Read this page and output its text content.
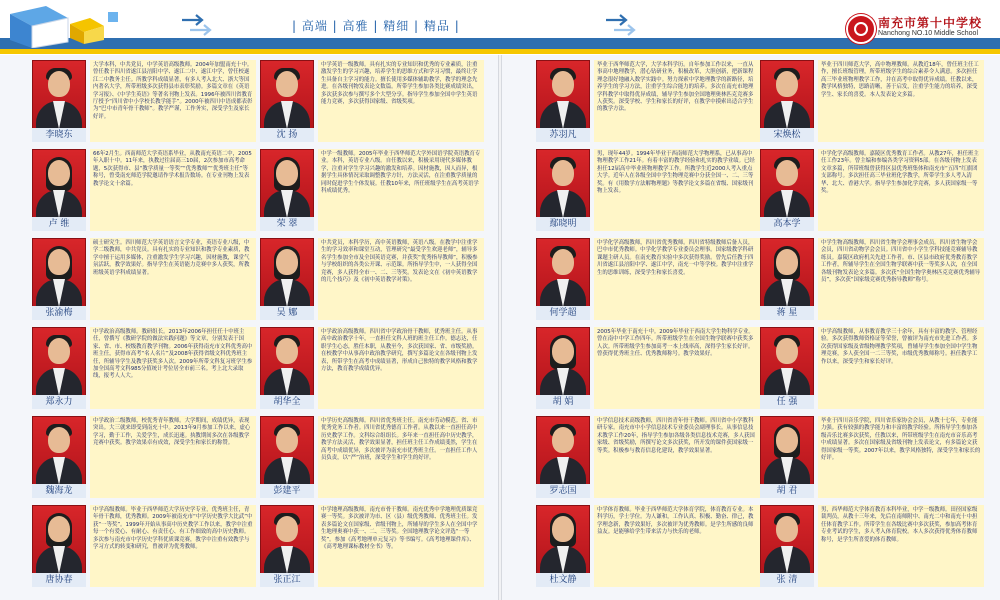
| 高端 | 高雅 | 精细 | 精品 |	南充市第十中学校
Nanchong NO.10 Middle School
李晓东
大学本科，中共党员，中学英语高级教师。2004年加盟南充十中。曾任教于四川省遂江县涪阳中学、遂江二中、遂江中学，曾任校遂江二中教务主任。所教学科成绩显著，有多人考入北大、浙大等国内著名大学，所带班级多次获得县市表彰奖励。多篇文章在《英语学习报》、《中学生英语》等著名刊物上发表。1996年被四川省教育厅授予“四川省中小学校长教学能手”。2000年被四川中语成都表彰为“巴中市青年骨干教师”。教学严谨，工作务实，深受学生及家长好评。
沈 扬
中学英语一级教师。具有扎实的专业知识和优秀的专业素质，注重激发学生的学习兴趣，培养学生的思维方式和学习习惯，最终让学生具备自主学习的能力。擅长使用多媒体辅助教学，教学的理念先进。在各级刊物发表论文数篇。所带学生参加各类比赛成绩突出，多次获多次参与撰写多个大型分享。指导学生参加全国中学生英语能力竞赛，多次获得国家级、省级奖项。
卢 维
66年2月生。西南师范大学英语系毕业，从教南充英语二中，2005年入职十中。11年来，执教过往届高三10届，2次参加市高考命题，5次获得市、县“教学质量一等奖”“优秀教师”“优秀班主任”等称号，曾受南充师范学院邀请作学术报告数场。在专业刊物上发表教学论文十余篇。
荣 翠
中学一级教师。2005年毕业于西华师范大学外国语学院英语教育专业。本科，英语专业八级。自任教以来，积极采用现代多媒体教学，注重对学生学习兴趣的激发和培养。因材施教，因人而异，根据学生具体情况采取调整教学方针，方法灵活，在注重教学质量的同时促进学生个体发展。任教10年来，所任班级学生在高考英语学科成绩优秀。
张渝梅
硕士研究生。四川师范大学英语语言文学专业，英语专业八级，中学二级教师，中共党员。具有扎实的专业知识和教学专业素质，教学中擅于运用多媒体，注重激发学生学习兴趣，因材施教，课堂气氛活跃，教学效果好。指导学生在英语能力竞赛中多人获奖，所教班级英语学科成绩显著。
吴 娜
中共党员，本科学历，高中英语教师，英语八级。在教学中注重学生的学习效率和课堂互动，管理研究“最受学生欢迎老师”，辅导多名学生参加全市及全国英语竞赛，并获奖“优秀指导教师”，积极参与学校组织的各类公开课、示范课。所指导学生中，一人获得全国竞赛，多人获得全市一、二、三等奖。发表论文在《初中英语教学的几个技巧》及《初中英语教学对策》。
郑永力
中学政治高级教师。教研组长。2013年2006年担任任十中班主任，曾撰写《教研学院的做法实践问题》等文章，分别发表于国家、省、市、校级教育教学刊物。2006年获得南充市文科优秀高中班主任，获得市高考“名人名片”及2008年获得省级文科优秀班主任，所辅导学生及教学获奖多人次。2009年所带文科复习班学生参加全国高考文科985分值统计考位居全市前三名。考上北大录取线，报考人人大。
胡华全
中学政治高级教师。四川省中学政治骨干教师，优秀班主任。从事高中政治教学十年，一直担任文科人班的班主任工作。德志达，任职学生心态，胜任本职，从教至今，多次获国家、省、市级奖励。在校教学中从事高中政治教学研究，撰写多篇论文在各级刊物上发表，所带学生在高考中成绩显著，形成自己独特的教学风格和教学方法，教育教学成绩优异。
魏海龙
中学政治二级教师，校优秀青年教师。大学期间，成绩优异，表现突出。大三就来即受到南充十中。2013年9月参加工作以来，虚心学习，勤于工作，关爱学生，成长迅速。执教期间多次在各级教学竞赛中获奖。教学效果卓有成效，深受学生和家长的称赞。
彭建平
中学历史高级教师。四川省优秀班主任。南充市劳动模范。省、市优秀党务工作者。四川省优秀德育工作者。从教以来一直担任高中历史教学工作。文科综合组组长。多年来一直担任高中历史教学，教学方法灵活，教学效果显著，担任班主任工作成绩斐然，学生在高考中成绩优异，多次被评为南充市优秀班主任。一直担任工作人员负责，以“严”治班，深受学生和学生的好评。
唐协春
中学高级教师。毕业于西华师范大学历史学专业，优秀班主任，青年骨干教师，优秀教师。2009年被南充市“中学历史教学大比武”中获“一等奖”。1999年开始从事高中历史教学工作以来，教学中注重每一个有爱心、有耐心、有责任心、有工作细致的高中历史教师。多次参与南充市中学历史学科优质课竞赛，教学中注重有效教学与学习方式的转变和研究，曾被评为优秀教师。
张正江
中学地理高级教师，南充市骨干教师。南充优秀中学地理优质课竞赛一等奖。多次被评为市、区（县）级优秀教师、优秀班主任。发表多篇论文在国家级、省级刊物上，所辅导的学生多人在全国中学生地理奥赛中获一、二、三等奖。全国地理教学论文评选“一等奖”。参加《高考地理单元复习》等书编写。《高考地理课件库》、《高考地理课标教材全书》等。
苏羽凡
毕业于西华师范大学，大学本科学历。自年参加工作以来，一直从事高中地理教学，潜心钻研业务，积极改革，大胆创新，把新课程理念很好地融入数学实践中。努力探索中学地理教学的新路径，培养学生的学习方法，注重学生综合能力的培养。多次在南充市地理学科教学中取得优异成绩，辅导学生参加全国地理奥林匹克竞赛多人获奖。深受学校、学生和家长的好评，在教学中摸索出适合学生的教学方法。
宋焕松
毕业于四川师范大学，高中物理教师。从教近18年，曾任班主任工作，擅长班级管理，所带班级学生的综合素养令人满意。多次担任高三毕业班物理教学工作，并在高考中取得优异成绩。任教以来，教学风格独特，思路清晰，善于启发，注重学生能力的培养，深受学生、家长的喜爱。本人发表论文多篇。
鄢晓明
男，现年44岁。1994年毕业于西南师范大学物理系，已从事高中物理教学工作21年。有着丰富的教学经验和扎实的教学业绩。已经担任12届高中毕业班物理教学工作。所教学生近2000人考入重点大学。近年人在各级全国中学生物理竞赛中分获全国一、二、三等奖。有《用数学方法解物理题》等教学论文多篇在省级、国家级刊物上发表。
高本学
中学化学高级教师。嘉陵区优秀教育工作者。从教27年，担任班主任工作23年。曾主编和参编各类学习资料5部。在各级刊物上发表文章多篇，所带班级曾获得区县优秀班集体和南充市“五四”红旗团支部称号。多次担任高三毕业班化学教学，所带学生多人考入清华、北大、香港大学。指导学生参加化学竞赛，多人获国家级一等奖。
何学超
中学化学高级教师，四川省优秀教师。四川省特级教师后备人员，巴中市优秀教师。中学化学教学专业委员会理事。国家级教学科研课题主研人员。在南充教育实验中多次获得奖励。曾先后任教于四川省遂江县涪阳中学、遂江中学，南充一中等学校。教学中注重学生的思维训练，深受学生和家长喜爱。
蒋 星
中学生物高级教师，四川省生物学会理事会成员。四川省生物学会会员，四川省动物学会会员。四川省中小学生学科技能竞赛辅导教练员。嘉陵区政府机关先进工作者。市、区县市政府优秀教育教学工作者，所辅导学生在全国生物学联赛中获一等奖多人次，在全国各级刊物发表论文多篇。多次获“全国生物学奥林匹克竞赛优秀辅导员”，多次获“国家级竞赛优秀指导教师”称号。
胡 娟
2005年毕业于南充十中。2009年毕业于西南大学生物科学专业。曾在南中中学工作四年。所带班级学生在全国生物学联赛中获奖多人次。所带班级学生参加高考一本上线率高，深得学生家长好评。曾获得优秀班主任、优秀教师称号。教学效果好。
任 强
中学高级教师，从事教育教学三十余年，具有丰富的教学、管理经验。多次获得教师资格证等荣誉，曾被评为南充市先进工作者。多次获得国家级及省级物理教学奖项，曾辅导学生参加全国中学生物理竞赛，多人获全国一二三等奖，市级优秀教师称号。担任教学工作以来，深受学生和家长好评。
罗志国
中学信息技术高级教师，四川省青年骨干教师。四川省中小学教科研专家。南充市中小学信息技术专业委员会副理事长。从事信息技术教学工作20年，指导学生参加各级各类信息技术竞赛，多人获国家级、省级奖励，所撰写论文多次获奖，所开发的课件获国家级一等奖。积极参与教育信息化建设，教学效果显著。
胡 君
毕业于四川音乐学院，四川省乐家协会会员，从教十七年，专业能力强。获有较强的教学能力和丰富的教学经验。所指导学生参加各级音乐比赛多次获奖，任教以来，所带班级学生在南充市音乐高考中成绩显著。多次在国家级及省级刊物上发表论文，有多篇论文获得国家级一等奖。2007年以来，教学风格独特，深受学生和家长的好评。
杜文静
中学体育教师。毕业于西华师范大学体育学院，体育教育专业。本科学历，学士学位。为人谦和，工作认真、积极、勤奋、律己，教学理念新，教学效果好，多次被评为优秀教师。是学生所感的良师益友。是能够给学生带来活力与快乐的老师。
张 清
男，西华师范大学体育教育本科毕业，中学一级教师。田径国家级裁判员，从教十三年来，先后在南师附中、南充二中和南充十中担任体育教学工作。所带学生在各级比赛中多次获奖，参加高考体育专业考试的学生，多人考入体育院校。本人多次获得优秀体育教师称号，是学生所喜爱的体育教师。
